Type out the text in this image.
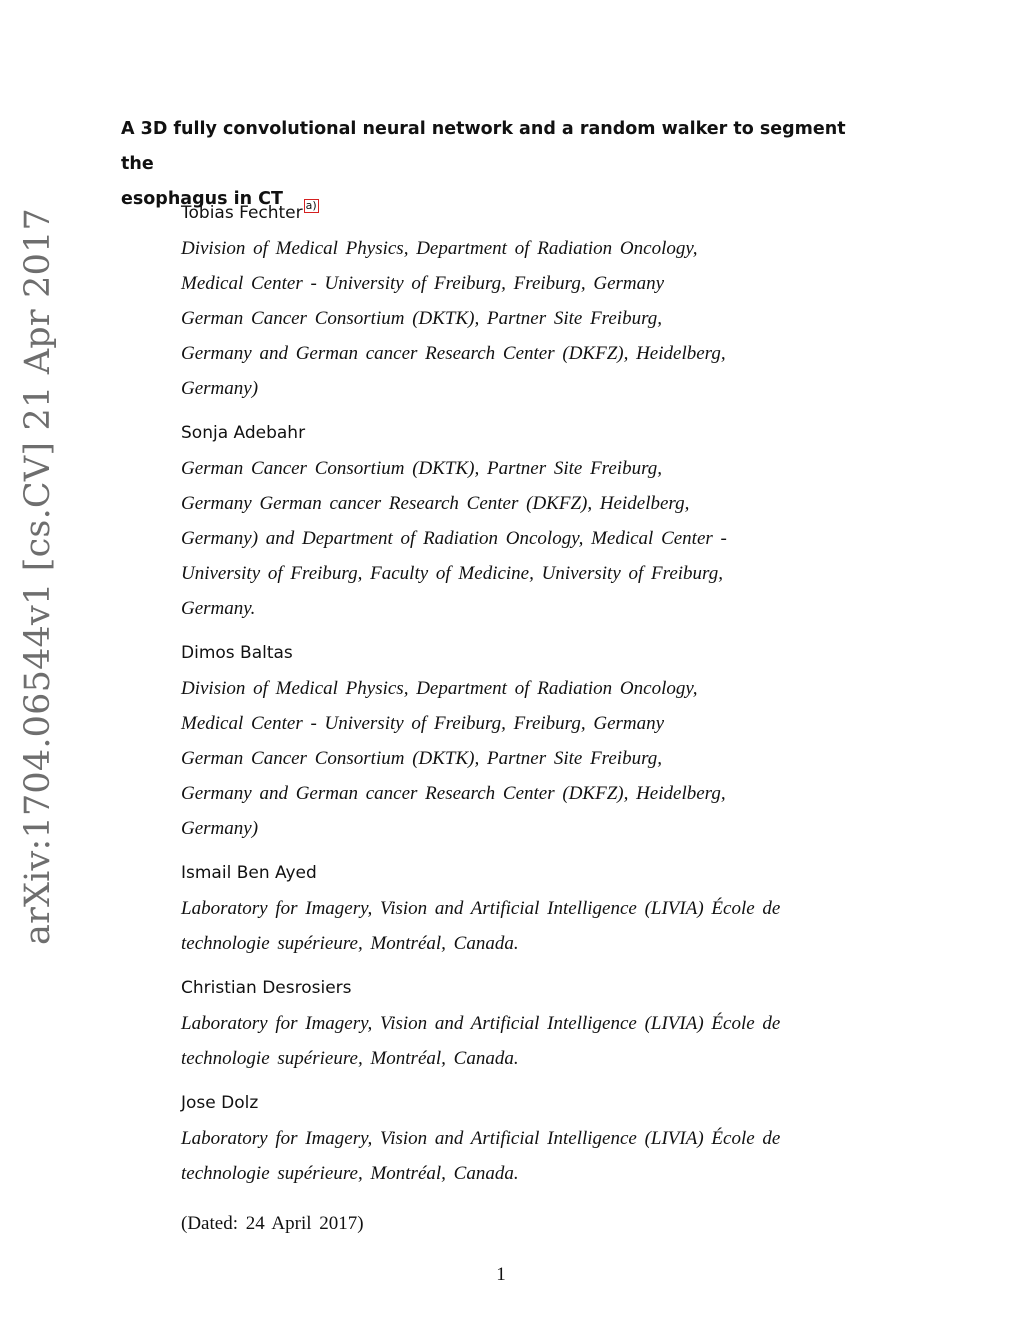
arXiv:1704.06544v1 [cs.CV] 21 Apr 2017
A 3D fully convolutional neural network and a random walker to segment the
esophagus in CT
Tobias Fechter a)
Division of Medical Physics, Department of Radiation Oncology,
Medical Center - University of Freiburg, Freiburg, Germany
German Cancer Consortium (DKTK), Partner Site Freiburg,
Germany and German cancer Research Center (DKFZ), Heidelberg,
Germany)
Sonja Adebahr
German Cancer Consortium (DKTK), Partner Site Freiburg,
Germany German cancer Research Center (DKFZ), Heidelberg,
Germany) and Department of Radiation Oncology, Medical Center -
University of Freiburg, Faculty of Medicine, University of Freiburg,
Germany.
Dimos Baltas
Division of Medical Physics, Department of Radiation Oncology,
Medical Center - University of Freiburg, Freiburg, Germany
German Cancer Consortium (DKTK), Partner Site Freiburg,
Germany and German cancer Research Center (DKFZ), Heidelberg,
Germany)
Ismail Ben Ayed
Laboratory for Imagery, Vision and Artificial Intelligence (LIVIA) École de
technologie supérieure, Montréal, Canada.
Christian Desrosiers
Laboratory for Imagery, Vision and Artificial Intelligence (LIVIA) École de
technologie supérieure, Montréal, Canada.
Jose Dolz
Laboratory for Imagery, Vision and Artificial Intelligence (LIVIA) École de
technologie supérieure, Montréal, Canada.
(Dated: 24 April 2017)
1
